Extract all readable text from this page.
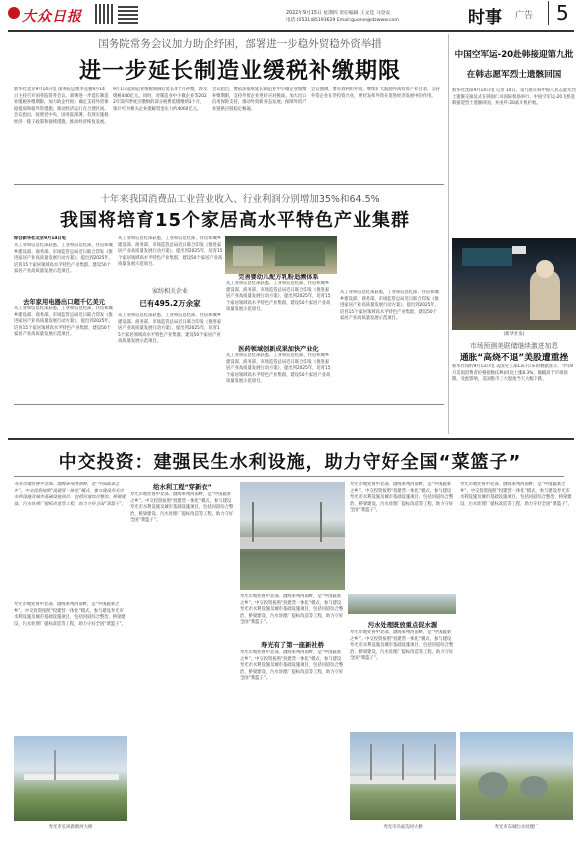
大众日报	2022年9月15日 星期四 责任编辑 王文廷 马登安
电话:(0531)85193629 Email:guonei@dzwww.com	时事 广告	5
国务院常务会议加力助企纾困，部署进一步稳外贸稳外资举措
进一步延长制造业缓税补缴期限
新华社北京9月14日电 国务院总理李克强9月14日主持召开国务院常务会议，部署进一步延长制造业缓税补缴期限，加力助企纾困；确定支持外贸保稳提质和稳外资措施，推动经济运行在合理区间。会议指出，按照党中央、国务院部署，有效实施稳经济一揽子政策和接续措施，推动经济恢复发展。
9月1日起制造业缓税期满后延长4个月补缴，涉及缓税440亿元。同时，对制造业中小微企业等2022年第四季度应缴纳的部分税费延缓缴纳3个月，预计可为相关企业缓解资金压力约4000亿元。
会议指出，要依法依规延长制造业中小微企业缓缴补缴期限，支持外贸企业更好应对挑战。加大出口信用保险支持，推动外贸新业态发展，保障外贸产业链供应链稳定畅通。
会议强调，要有效利用外资，继续扩大鼓励外商投资产业目录，支持外资企业在华投资兴业，更好发挥外资在促进经济发展中的作用。
十年来我国消费品工业营业收入、行业利润分别增加35%和64.5%
我国将培育15个家居高水平特色产业集群
综合新华社北京9月14日电
从工业和信息化部获悉，工业和信息化部、住房和城乡建设部、商务部、市场监管总局近日联合印发《推进家居产业高质量发展行动方案》，提出到2025年，培育15个家居领域高水平特色产业集群，建设50个家居产业高质量发展示范项目。
去年家用电器出口超千亿美元
从工业和信息化部获悉，工业和信息化部、住房和城乡建设部、商务部、市场监管总局近日联合印发《推进家居产业高质量发展行动方案》，提出到2025年，培育15个家居领域高水平特色产业集群，建设50个家居产业高质量发展示范项目。
从工业和信息化部获悉，工业和信息化部、住房和城乡建设部、商务部、市场监管总局近日联合印发《推进家居产业高质量发展行动方案》，提出到2025年，培育15个家居领域高水平特色产业集群，建设50个家居产业高质量发展示范项目。
家纺相关企业
已有495.2万余家
从工业和信息化部获悉，工业和信息化部、住房和城乡建设部、商务部、市场监管总局近日联合印发《推进家居产业高质量发展行动方案》，提出到2025年，培育15个家居领域高水平特色产业集群，建设50个家居产业高质量发展示范项目。
完善婴幼儿配方乳粉追溯体系
从工业和信息化部获悉，工业和信息化部、住房和城乡建设部、商务部、市场监管总局近日联合印发《推进家居产业高质量发展行动方案》，提出到2025年，培育15个家居领域高水平特色产业集群，建设50个家居产业高质量发展示范项目。
医药领域创新成果加快产业化
从工业和信息化部获悉，工业和信息化部、住房和城乡建设部、商务部、市场监管总局近日联合印发《推进家居产业高质量发展行动方案》，提出到2025年，培育15个家居领域高水平特色产业集群，建设50个家居产业高质量发展示范项目。
从工业和信息化部获悉，工业和信息化部、住房和城乡建设部、商务部、市场监管总局近日联合印发《推进家居产业高质量发展行动方案》，提出到2025年，培育15个家居领域高水平特色产业集群，建设50个家居产业高质量发展示范项目。
中国空军运-20赴韩接迎第九批
在韩志愿军烈士遗骸回国
新华社沈阳9月14日电 记者 14日，第九批在韩中国人民志愿军烈士遗骸交接仪式在韩国仁川国际机场举行。中国空军运-20飞机赴韩接迎烈士遗骸回国，并由歼-20战斗机护航。
(新华社发)
市场预测美联储继续激进加息
通胀“高烧不退”美股遭重挫
新华社纽约9月13日电 美国劳工部13日公布的数据显示，今年8月美国消费者价格指数(CPI)同比上涨8.3%，涨幅高于市场预期。受此影响，美国股市三大股指当天大幅下跌。
中交投资：建强民生水利设施，助力守好全国“菜篮子”
寿光市地处鲁中北部、渤海莱州湾南畔，是“中国蔬菜之乡”。中交投资按照“投建营一体化”模式，参与建设寿光市水利设施及城市基础设施项目，包括河道综合整治、桥梁建设、污水处理厂提标改造等工程，助力守好全国“菜篮子”。
寿光市地处鲁中北部、渤海莱州湾南畔，是“中国蔬菜之乡”。中交投资按照“投建营一体化”模式，参与建设寿光市水利设施及城市基础设施项目，包括河道综合整治、桥梁建设、污水处理厂提标改造等工程，助力守好全国“菜篮子”。
寿光市长风新街河大桥
给水利工程“穿新衣”
寿光市地处鲁中北部、渤海莱州湾南畔，是“中国蔬菜之乡”。中交投资按照“投建营一体化”模式，参与建设寿光市水利设施及城市基础设施项目，包括河道综合整治、桥梁建设、污水处理厂提标改造等工程，助力守好全国“菜篮子”。
寿光市地处鲁中北部、渤海莱州湾南畔，是“中国蔬菜之乡”。中交投资按照“投建营一体化”模式，参与建设寿光市水利设施及城市基础设施项目，包括河道综合整治、桥梁建设、污水处理厂提标改造等工程，助力守好全国“菜篮子”。
寿光有了第一座新社桥
寿光市地处鲁中北部、渤海莱州湾南畔，是“中国蔬菜之乡”。中交投资按照“投建营一体化”模式，参与建设寿光市水利设施及城市基础设施项目，包括河道综合整治、桥梁建设、污水处理厂提标改造等工程，助力守好全国“菜篮子”。
寿光市地处鲁中北部、渤海莱州湾南畔，是“中国蔬菜之乡”。中交投资按照“投建营一体化”模式，参与建设寿光市水利设施及城市基础设施项目，包括河道综合整治、桥梁建设、污水处理厂提标改造等工程，助力守好全国“菜篮子”。
污水处理既放重点促水源
寿光市地处鲁中北部、渤海莱州湾南畔，是“中国蔬菜之乡”。中交投资按照“投建营一体化”模式，参与建设寿光市水利设施及城市基础设施项目，包括河道综合整治、桥梁建设、污水处理厂提标改造等工程，助力守好全国“菜篮子”。
寿光市地处鲁中北部、渤海莱州湾南畔，是“中国蔬菜之乡”。中交投资按照“投建营一体化”模式，参与建设寿光市水利设施及城市基础设施项目，包括河道综合整治、桥梁建设、污水处理厂提标改造等工程，助力守好全国“菜篮子”。
寿光市冯家沟河大桥	寿光市东城污水处理厂
